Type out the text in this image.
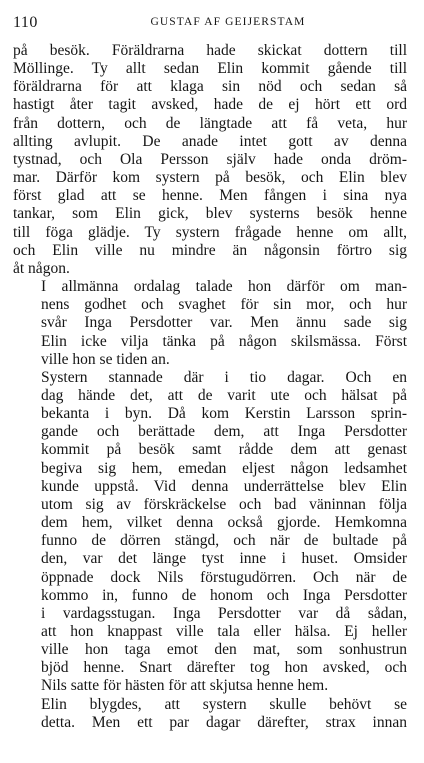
110	GUSTAF AF GEIJERSTAM

på besök. Föräldrarna hade skickat dottern till
Möllinge. Ty allt sedan Elin kommit gående till
föräldrarna för att klaga sin nöd och sedan så
hastigt åter tagit avsked, hade de ej hört ett ord
från dottern, och de längtade att få veta, hur
allting avlupit. De anade intet gott av denna
tystnad, och Ola Persson själv hade onda dröm-
mar. Därför kom systern på besök, och Elin blev
först glad att se henne. Men fången i sina nya
tankar, som Elin gick, blev systerns besök henne
till föga glädje. Ty systern frågade henne om allt,
och Elin ville nu mindre än någonsin förtro sig
åt någon.

I allmänna ordalag talade hon därför om man-
nens godhet och svaghet för sin mor, och hur
svår Inga Persdotter var. Men ännu sade sig
Elin icke vilja tänka på någon skilsmässa. Först
ville hon se tiden an.

Systern stannade där i tio dagar. Och en
dag hände det, att de varit ute och hälsat på
bekanta i byn. Då kom Kerstin Larsson sprin-
gande och berättade dem, att Inga Persdotter
kommit på besök samt rådde dem att genast
begiva sig hem, emedan eljest någon ledsamhet
kunde uppstå. Vid denna underrättelse blev Elin
utom sig av förskräckelse och bad väninnan följa
dem hem, vilket denna också gjorde. Hemkomna
funno de dörren stängd, och när de bultade på
den, var det länge tyst inne i huset. Omsider
öppnade dock Nils förstugudörren. Och när de
kommo in, funno de honom och Inga Persdotter
i vardagsstugan. Inga Persdotter var då sådan,
att hon knappast ville tala eller hälsa. Ej heller
ville hon taga emot den mat, som sonhustrun
bjöd henne. Snart därefter tog hon avsked, och
Nils satte för hästen för att skjutsa henne hem.

Elin blygdes, att systern skulle behövt se
detta. Men ett par dagar därefter, strax innan
